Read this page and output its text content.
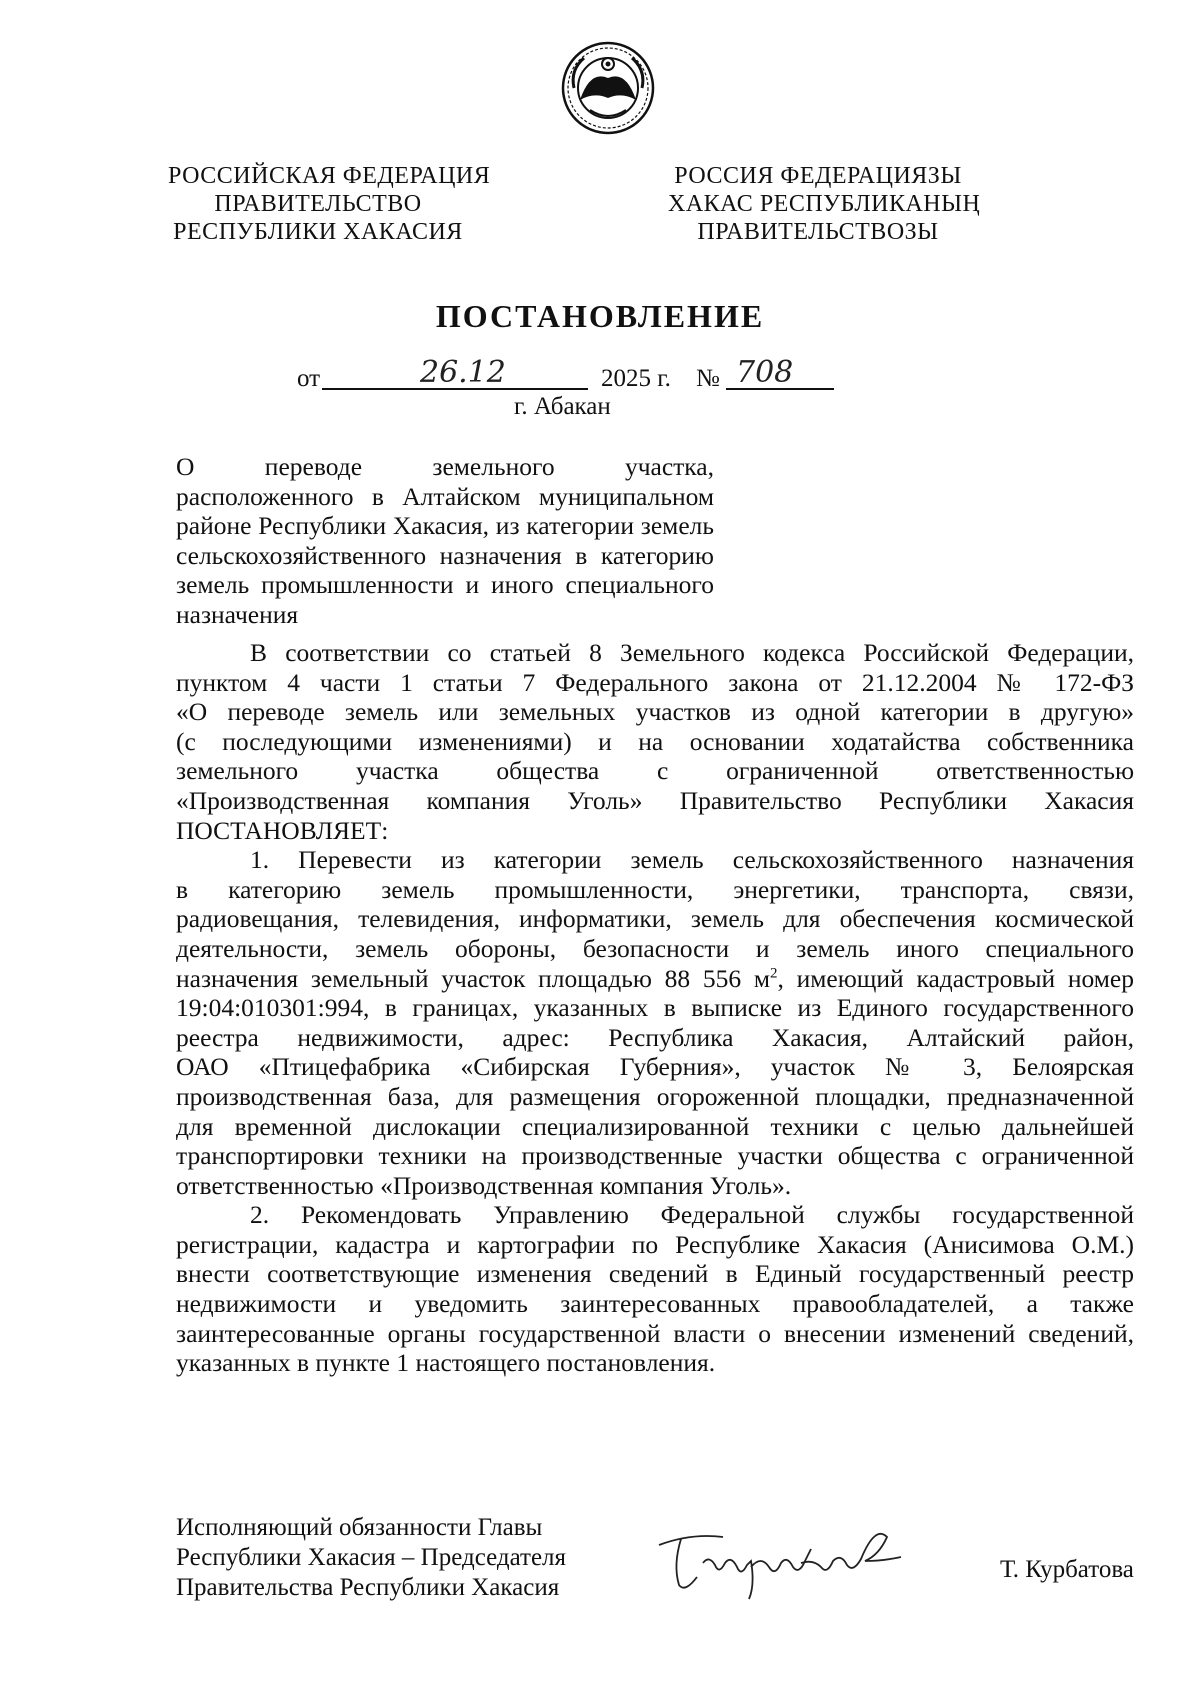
РОССИЙСКАЯ ФЕДЕРАЦИЯ
ПРАВИТЕЛЬСТВО
РЕСПУБЛИКИ ХАКАСИЯ
РОССИЯ ФЕДЕРАЦИЯЗЫ
ХАКАС РЕСПУБЛИКАНЫҢ
ПРАВИТЕЛЬСТВОЗЫ
ПОСТАНОВЛЕНИЕ
от	26.12	2025 г. № 708
г. Абакан
О переводе земельного участка,
расположенного в Алтайском муниципальном районе Республики Хакасия, из категории земель сельскохозяйственного назначения в категорию земель промышленности и иного специального назначения
В соответствии со статьей 8 Земельного кодекса Российской Федерации,
пунктом 4 части 1 статьи 7 Федерального закона от 21.12.2004 № 172-ФЗ
«О переводе земель или земельных участков из одной категории в другую»
(с последующими изменениями) и на основании ходатайства собственника
земельного участка общества с ограниченной ответственностью
«Производственная компания Уголь» Правительство Республики Хакасия
ПОСТАНОВЛЯЕТ:
1. Перевести из категории земель сельскохозяйственного назначения
в категорию земель промышленности, энергетики, транспорта, связи,
радиовещания, телевидения, информатики, земель для обеспечения космической
деятельности, земель обороны, безопасности и земель иного специального
назначения земельный участок площадью 88 556 $м^2$, имеющий кадастровый номер
19:04:010301:994, в границах, указанных в выписке из Единого государственного
реестра недвижимости, адрес: Республика Хакасия, Алтайский район,
ОАО «Птицефабрика «Сибирская Губерния», участок № 3, Белоярская
производственная база, для размещения огороженной площадки, предназначенной
для временной дислокации специализированной техники с целью дальнейшей
транспортировки техники на производственные участки общества с ограниченной
ответственностью «Производственная компания Уголь».
2. Рекомендовать Управлению Федеральной службы государственной
регистрации, кадастра и картографии по Республике Хакасия (Анисимова О.М.)
внести соответствующие изменения сведений в Единый государственный реестр
недвижимости и уведомить заинтересованных правообладателей, а также
заинтересованные органы государственной власти о внесении изменений сведений,
указанных в пункте 1 настоящего постановления.
Исполняющий обязанности Главы
Республики Хакасия – Председателя
Правительства Республики Хакасия
Т. Курбатова
